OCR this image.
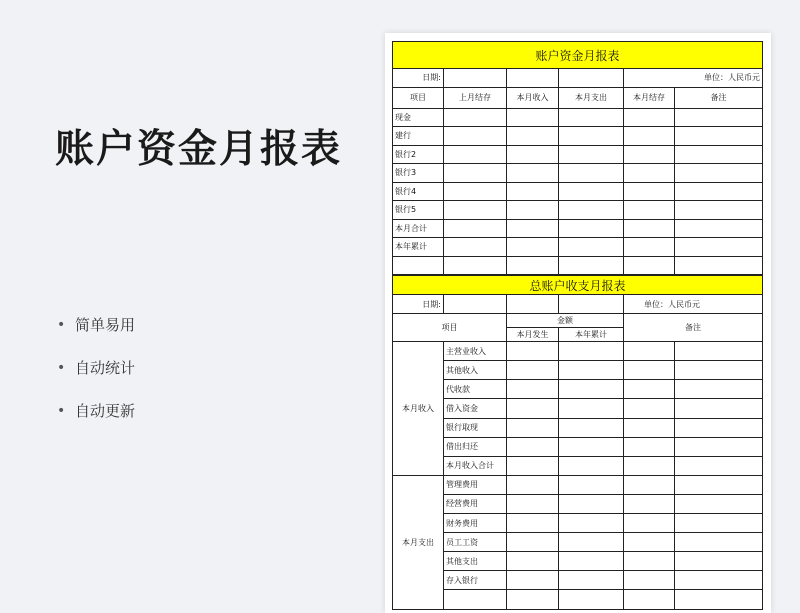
账户资金月报表
• 简单易用
• 自动统计
• 自动更新
账户资金月报表					
日期:				单位：人民币元	
项目	上月结存	本月收入	本月支出	本月结存	备注
现金					
建行					
银行2					
银行3					
银行4					
银行5					
本月合计					
本年累计					

总账户收支月报表					
日期:				单位：人民币元	
项目		金额		备注	
		本月发生	本年累计		
本月收入	主营业收入				
	其他收入				
	代收款				
	借入资金				
	银行取现				
	借出归还				
	本月收入合计				
本月支出	管理费用				
	经营费用				
	财务费用				
	员工工资				
	其他支出				
	存入银行				
